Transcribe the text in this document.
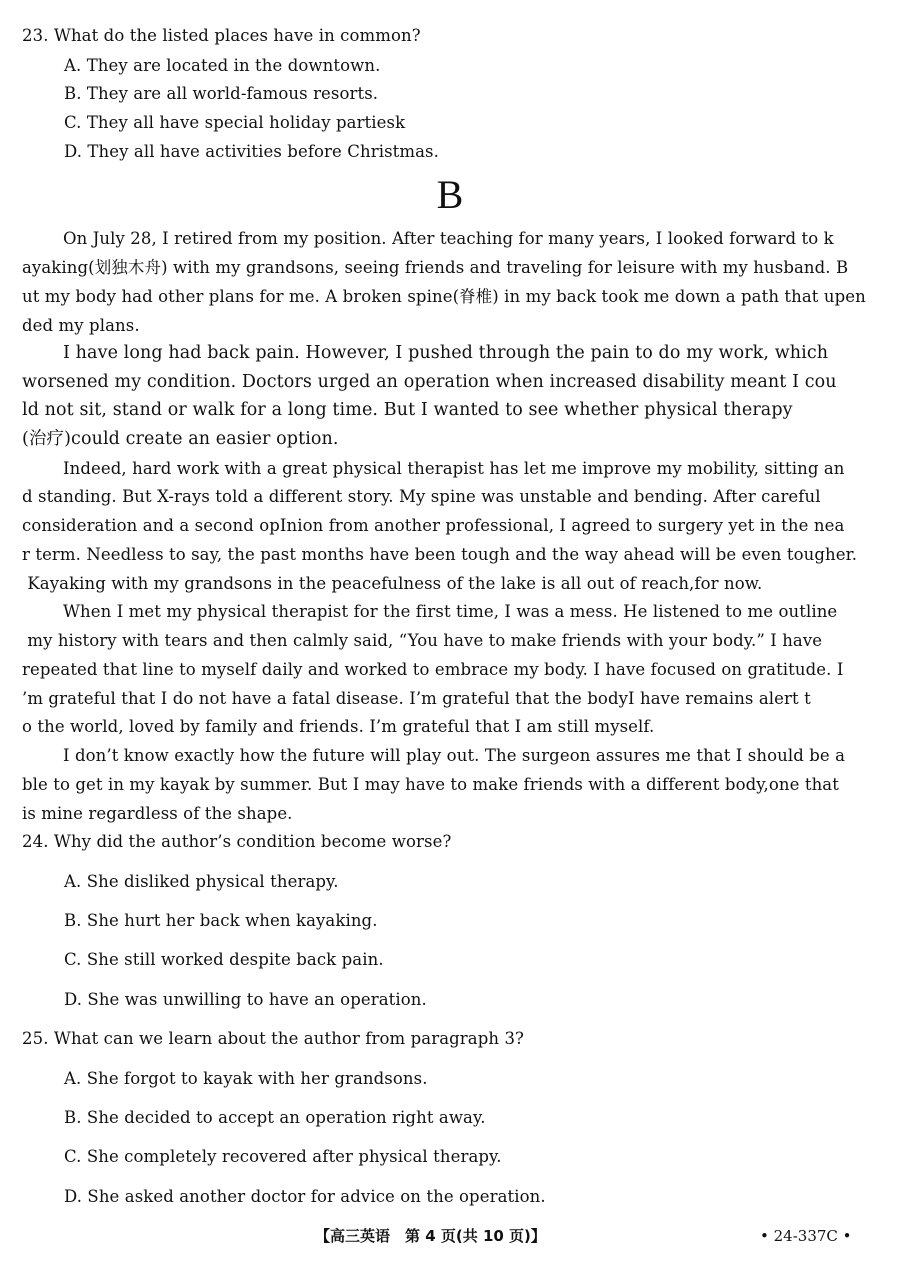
23. What do the listed places have in common?
A. They are located in the downtown.
B. They are all world-famous resorts.
C. They all have special holiday partiesk
D. They all have activities before Christmas.
B
On July 28, I retired from my position. After teaching for many years, I looked forward to k
ayaking(划独木舟) with my grandsons, seeing friends and traveling for leisure with my husband. B
ut my body had other plans for me. A broken spine(脊椎) in my back took me down a path that upen
ded my plans.
I have long had back pain. However, I pushed through the pain to do my work, which
worsened my condition. Doctors urged an operation when increased disability meant I cou
ld not sit, stand or walk for a long time. But I wanted to see whether physical therapy
(治疗)could create an easier option.
Indeed, hard work with a great physical therapist has let me improve my mobility, sitting an
d standing. But X-rays told a different story. My spine was unstable and bending. After careful
consideration and a second opInion from another professional, I agreed to surgery yet in the nea
r term. Needless to say, the past months have been tough and the way ahead will be even tougher.
Kayaking with my grandsons in the peacefulness of the lake is all out of reach,for now.
When I met my physical therapist for the first time, I was a mess. He listened to me outline
my history with tears and then calmly said, “You have to make friends with your body.” I have
repeated that line to myself daily and worked to embrace my body. I have focused on gratitude. I
’m grateful that I do not have a fatal disease. I’m grateful that the bodyI have remains alert t
o the world, loved by family and friends. I’m grateful that I am still myself.
I don’t know exactly how the future will play out. The surgeon assures me that I should be a
ble to get in my kayak by summer. But I may have to make friends with a different body,one that
is mine regardless of the shape.
24. Why did the author’s condition become worse?
A. She disliked physical therapy.
B. She hurt her back when kayaking.
C. She still worked despite back pain.
D. She was unwilling to have an operation.
25. What can we learn about the author from paragraph 3?
A. She forgot to kayak with her grandsons.
B. She decided to accept an operation right away.
C. She completely recovered after physical therapy.
D. She asked another doctor for advice on the operation.
【高三英语　第 4 页(共 10 页)】	• 24-337C •
